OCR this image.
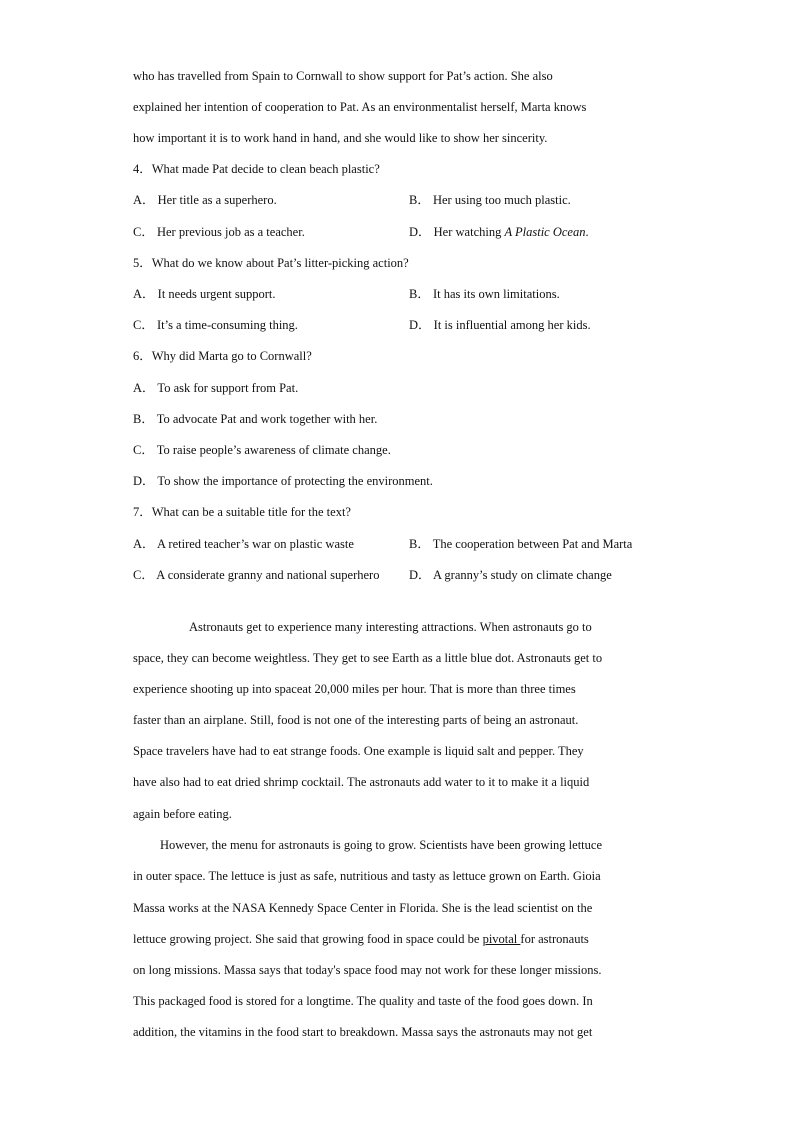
who has travelled from Spain to Cornwall to show support for Pat’s action. She also
explained her intention of cooperation to Pat. As an environmentalist herself, Marta knows
how important it is to work hand in hand, and she would like to show her sincerity.
4．What made Pat decide to clean beach plastic?
A． Her title as a superhero.	B． Her using too much plastic.
C． Her previous job as a teacher.	D． Her watching A Plastic Ocean.
5．What do we know about Pat’s litter-picking action?
A． It needs urgent support.	B． It has its own limitations.
C． It’s a time-consuming thing.	D． It is influential among her kids.
6．Why did Marta go to Cornwall?
A． To ask for support from Pat.
B． To advocate Pat and work together with her.
C． To raise people’s awareness of climate change.
D． To show the importance of protecting the environment.
7．What can be a suitable title for the text?
A． A retired teacher’s war on plastic waste	B． The cooperation between Pat and Marta
C． A considerate granny and national superhero D． A granny’s study on climate change
Astronauts get to experience many interesting attractions. When astronauts go to
space, they can become weightless. They get to see Earth as a little blue dot. Astronauts get to
experience shooting up into spaceat 20,000 miles per hour. That is more than three times
faster than an airplane. Still, food is not one of the interesting parts of being an astronaut.
Space travelers have had to eat strange foods. One example is liquid salt and pepper. They
have also had to eat dried shrimp cocktail. The astronauts add water to it to make it a liquid
again before eating.
However, the menu for astronauts is going to grow. Scientists have been growing lettuce
in outer space. The lettuce is just as safe, nutritious and tasty as lettuce grown on Earth. Gioia
Massa works at the NASA Kennedy Space Center in Florida. She is the lead scientist on the
lettuce growing project. She said that growing food in space could be pivotal for astronauts
on long missions. Massa says that today's space food may not work for these longer missions.
This packaged food is stored for a longtime. The quality and taste of the food goes down. In
addition, the vitamins in the food start to breakdown. Massa says the astronauts may not get
